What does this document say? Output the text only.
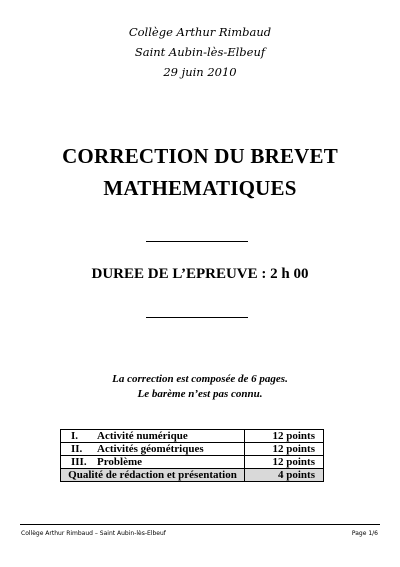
Collège Arthur Rimbaud
Saint Aubin-lès-Elbeuf
29 juin 2010
CORRECTION DU BREVET
MATHEMATIQUES
DUREE DE L’EPREUVE : 2 h 00
La correction est composée de 6 pages.
Le barème n’est pas connu.
I. Activité numérique	12 points
II. Activités géométriques	12 points
III. Problème	12 points
Qualité de rédaction et présentation	4 points
Collège Arthur Rimbaud – Saint Aubin-lès-Elbeuf	Page 1/6
